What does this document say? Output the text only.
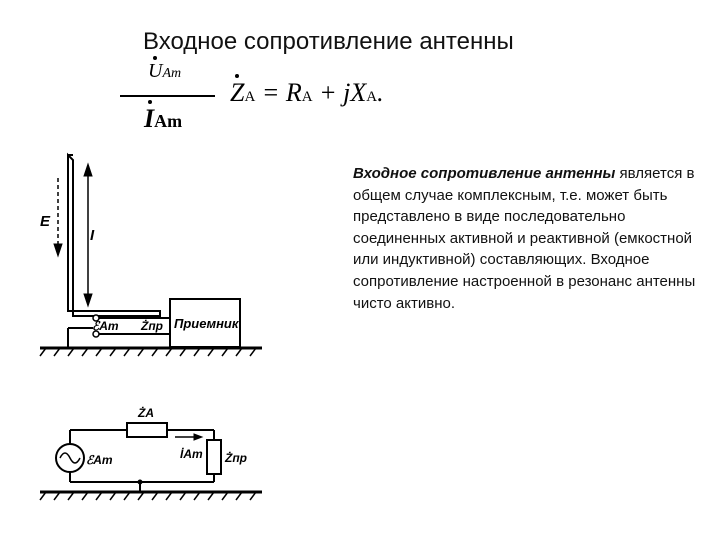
Входное сопротивление антенны
UAm
IAm
ZA = RA + jXA.
E
I
ℰAm Żпр Приемник
ŻA
İAm
ℰAm	Żпр
Входное сопротивление антенны является в общем случае комплексным, т.е. может быть представлено в виде последовательно соединенных активной и реактивной (емкостной или индуктивной) составляющих. Входное сопротивление настроенной в резонанс антенны чисто активно.
